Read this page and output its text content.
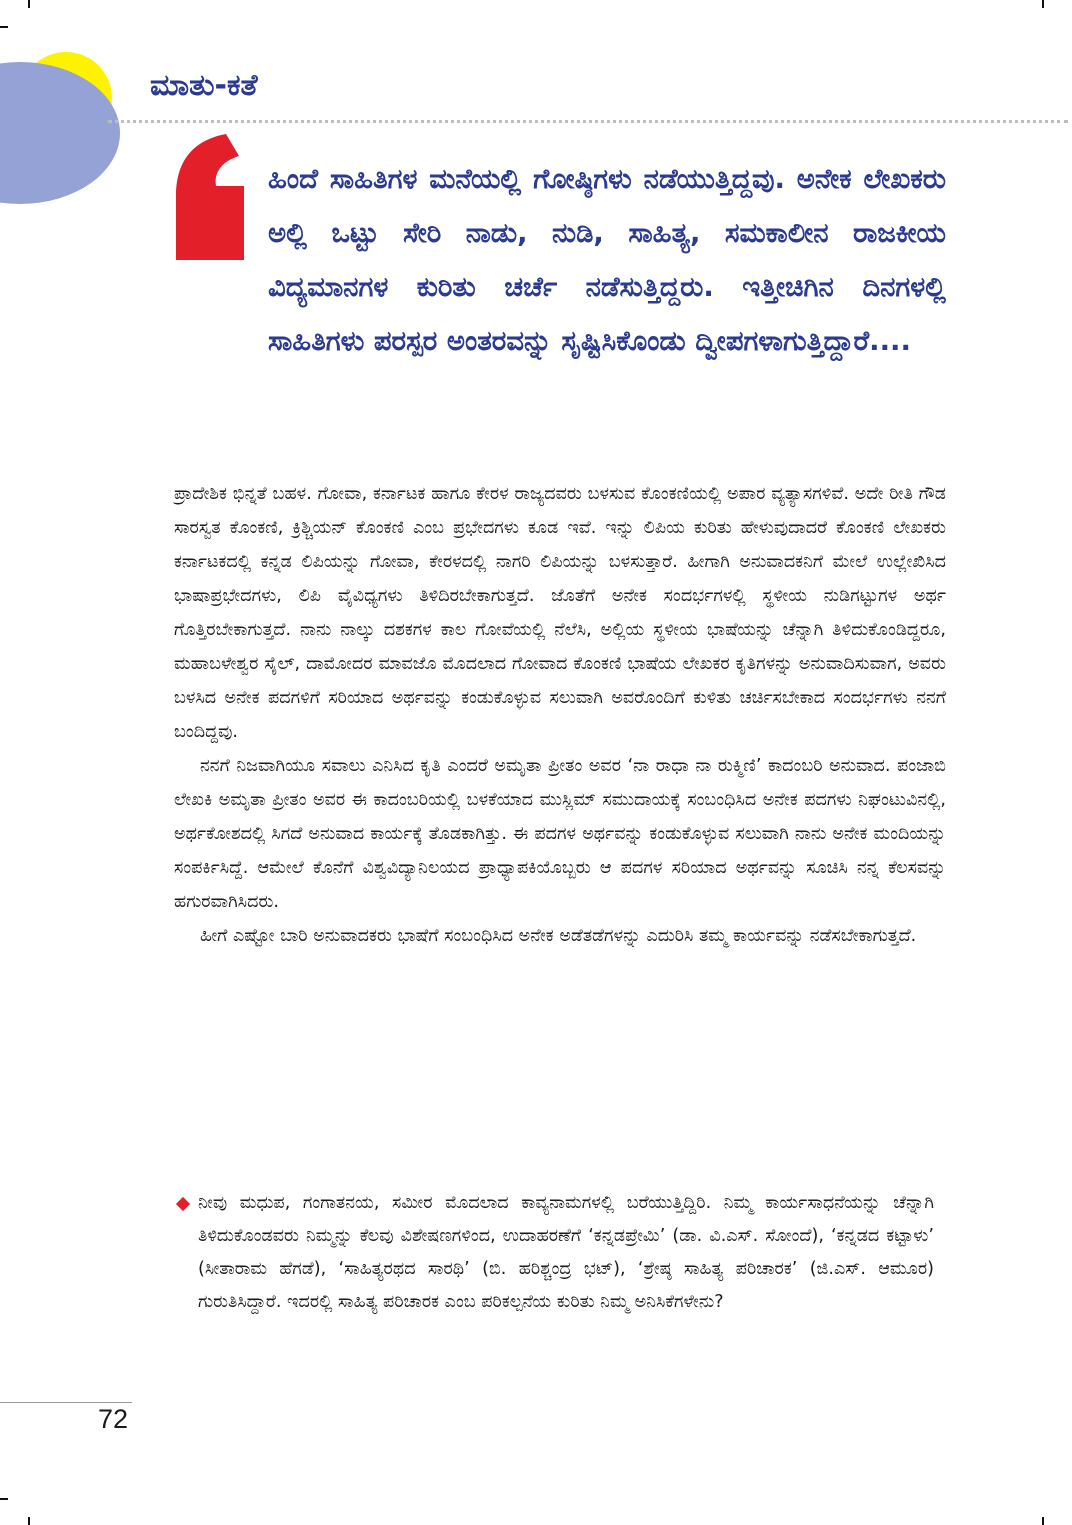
ಮಾತು-ಕತೆ

ಹಿಂದೆ ಸಾಹಿತಿಗಳ ಮನೆಯಲ್ಲಿ ಗೋಷ್ಠಿಗಳು ನಡೆಯುತ್ತಿದ್ದವು. ಅನೇಕ ಲೇಖಕರು ಅಲ್ಲಿ ಒಟ್ಟು ಸೇರಿ ನಾಡು, ನುಡಿ, ಸಾಹಿತ್ಯ, ಸಮಕಾಲೀನ ರಾಜಕೀಯ ವಿದ್ಯಮಾನಗಳ ಕುರಿತು ಚರ್ಚೆ ನಡೆಸುತ್ತಿದ್ದರು. ಇತ್ತೀಚಿಗಿನ ದಿನಗಳಲ್ಲಿ ಸಾಹಿತಿಗಳು ಪರಸ್ಪರ ಅಂತರವನ್ನು ಸೃಷ್ಟಿಸಿಕೊಂಡು ದ್ವೀಪಗಳಾಗುತ್ತಿದ್ದಾರೆ....

ಪ್ರಾದೇಶಿಕ ಭಿನ್ನತೆ ಬಹಳ. ಗೋವಾ, ಕರ್ನಾಟಕ ಹಾಗೂ ಕೇರಳ ರಾಜ್ಯದವರು ಬಳಸುವ ಕೊಂಕಣಿಯಲ್ಲಿ ಅಪಾರ ವ್ಯತ್ಯಾಸಗಳಿವೆ. ಅದೇ ರೀತಿ ಗೌಡ ಸಾರಸ್ವತ ಕೊಂಕಣಿ, ಕ್ರಿಶ್ಚಿಯನ್ ಕೊಂಕಣಿ ಎಂಬ ಪ್ರಭೇದಗಳು ಕೂಡ ಇವೆ. ಇನ್ನು ಲಿಪಿಯ ಕುರಿತು ಹೇಳುವುದಾದರೆ ಕೊಂಕಣಿ ಲೇಖಕರು ಕರ್ನಾಟಕದಲ್ಲಿ ಕನ್ನಡ ಲಿಪಿಯನ್ನು ಗೋವಾ, ಕೇರಳದಲ್ಲಿ ನಾಗರಿ ಲಿಪಿಯನ್ನು ಬಳಸುತ್ತಾರೆ. ಹೀಗಾಗಿ ಅನುವಾದಕನಿಗೆ ಮೇಲೆ ಉಲ್ಲೇಖಿಸಿದ ಭಾಷಾಪ್ರಭೇದಗಳು, ಲಿಪಿ ವೈವಿಧ್ಯಗಳು ತಿಳಿದಿರಬೇಕಾಗುತ್ತದೆ. ಜೊತೆಗೆ ಅನೇಕ ಸಂದರ್ಭಗಳಲ್ಲಿ ಸ್ಥಳೀಯ ನುಡಿಗಟ್ಟುಗಳ ಅರ್ಥ ಗೊತ್ತಿರಬೇಕಾಗುತ್ತದೆ. ನಾನು ನಾಲ್ಕು ದಶಕಗಳ ಕಾಲ ಗೋವೆಯಲ್ಲಿ ನೆಲೆಸಿ, ಅಲ್ಲಿಯ ಸ್ಥಳೀಯ ಭಾಷೆಯನ್ನು ಚೆನ್ನಾಗಿ ತಿಳಿದುಕೊಂಡಿದ್ದರೂ, ಮಹಾಬಳೇಶ್ವರ ಸೈಲ್, ದಾಮೋದರ ಮಾವಜೊ ಮೊದಲಾದ ಗೋವಾದ ಕೊಂಕಣಿ ಭಾಷೆಯ ಲೇಖಕರ ಕೃತಿಗಳನ್ನು ಅನುವಾದಿಸುವಾಗ, ಅವರು ಬಳಸಿದ ಅನೇಕ ಪದಗಳಿಗೆ ಸರಿಯಾದ ಅರ್ಥವನ್ನು ಕಂಡುಕೊಳ್ಳುವ ಸಲುವಾಗಿ ಅವರೊಂದಿಗೆ ಕುಳಿತು ಚರ್ಚಿಸಬೇಕಾದ ಸಂದರ್ಭಗಳು ನನಗೆ ಬಂದಿದ್ದವು.

ನನಗೆ ನಿಜವಾಗಿಯೂ ಸವಾಲು ಎನಿಸಿದ ಕೃತಿ ಎಂದರೆ ಅಮೃತಾ ಪ್ರೀತಂ ಅವರ ‘ನಾ ರಾಧಾ ನಾ ರುಕ್ಮಿಣಿ’ ಕಾದಂಬರಿ ಅನುವಾದ. ಪಂಜಾಬಿ ಲೇಖಕಿ ಅಮೃತಾ ಪ್ರೀತಂ ಅವರ ಈ ಕಾದಂಬರಿಯಲ್ಲಿ ಬಳಕೆಯಾದ ಮುಸ್ಲಿಮ್ ಸಮುದಾಯಕ್ಕೆ ಸಂಬಂಧಿಸಿದ ಅನೇಕ ಪದಗಳು ನಿಘಂಟುವಿನಲ್ಲಿ, ಅರ್ಥಕೋಶದಲ್ಲಿ ಸಿಗದೆ ಅನುವಾದ ಕಾರ್ಯಕ್ಕೆ ತೊಡಕಾಗಿತ್ತು. ಈ ಪದಗಳ ಅರ್ಥವನ್ನು ಕಂಡುಕೊಳ್ಳುವ ಸಲುವಾಗಿ ನಾನು ಅನೇಕ ಮಂದಿಯನ್ನು ಸಂಪರ್ಕಿಸಿದ್ದೆ. ಆಮೇಲೆ ಕೊನೆಗೆ ವಿಶ್ವವಿದ್ಯಾನಿಲಯದ ಪ್ರಾಧ್ಯಾಪಕಿಯೊಬ್ಬರು ಆ ಪದಗಳ ಸರಿಯಾದ ಅರ್ಥವನ್ನು ಸೂಚಿಸಿ ನನ್ನ ಕೆಲಸವನ್ನು ಹಗುರವಾಗಿಸಿದರು.

ಹೀಗೆ ಎಷ್ಟೋ ಬಾರಿ ಅನುವಾದಕರು ಭಾಷೆಗೆ ಸಂಬಂಧಿಸಿದ ಅನೇಕ ಅಡೆತಡೆಗಳನ್ನು ಎದುರಿಸಿ ತಮ್ಮ ಕಾರ್ಯವನ್ನು ನಡೆಸಬೇಕಾಗುತ್ತದೆ.

ನೀವು ಮಧುಪ, ಗಂಗಾತನಯ, ಸಮೀರ ಮೊದಲಾದ ಕಾವ್ಯನಾಮಗಳಲ್ಲಿ ಬರೆಯುತ್ತಿದ್ದಿರಿ. ನಿಮ್ಮ ಕಾರ್ಯಸಾಧನೆಯನ್ನು ಚೆನ್ನಾಗಿ ತಿಳಿದುಕೊಂಡವರು ನಿಮ್ಮನ್ನು ಕೆಲವು ವಿಶೇಷಣಗಳಿಂದ, ಉದಾಹರಣೆಗೆ ‘ಕನ್ನಡಪ್ರೇಮಿ’ (ಡಾ. ವಿ.ಎಸ್. ಸೋಂದೆ), ‘ಕನ್ನಡದ ಕಟ್ಟಾಳು’ (ಸೀತಾರಾಮ ಹೆಗಡೆ), ‘ಸಾಹಿತ್ಯರಥದ ಸಾರಥಿ’ (ಬಿ. ಹರಿಶ್ಚಂದ್ರ ಭಟ್), ‘ಶ್ರೇಷ್ಠ ಸಾಹಿತ್ಯ ಪರಿಚಾರಕ’ (ಜಿ.ಎಸ್. ಆಮೂರ) ಗುರುತಿಸಿದ್ದಾರೆ. ಇದರಲ್ಲಿ ಸಾಹಿತ್ಯ ಪರಿಚಾರಕ ಎಂಬ ಪರಿಕಲ್ಪನೆಯ ಕುರಿತು ನಿಮ್ಮ ಅನಿಸಿಕೆಗಳೇನು?

72
